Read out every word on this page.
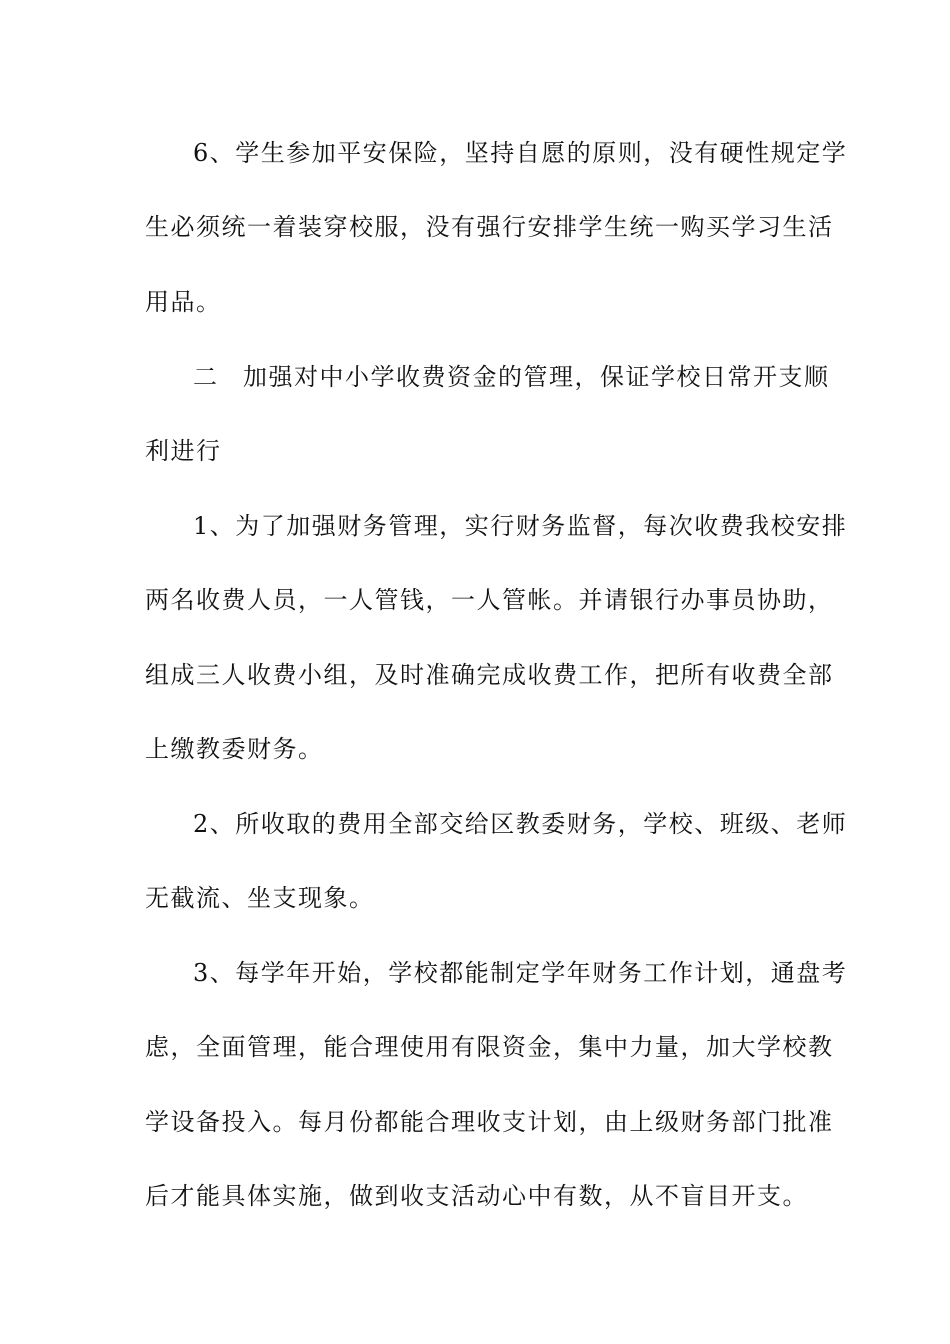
6、学生参加平安保险，坚持自愿的原则，没有硬性规定学
生必须统一着装穿校服，没有强行安排学生统一购买学习生活
用品。
二 加强对中小学收费资金的管理，保证学校日常开支顺
利进行
1、为了加强财务管理，实行财务监督，每次收费我校安排
两名收费人员，一人管钱，一人管帐。并请银行办事员协助，
组成三人收费小组，及时准确完成收费工作，把所有收费全部
上缴教委财务。
2、所收取的费用全部交给区教委财务，学校、班级、老师
无截流、坐支现象。
3、每学年开始，学校都能制定学年财务工作计划，通盘考
虑，全面管理，能合理使用有限资金，集中力量，加大学校教
学设备投入。每月份都能合理收支计划，由上级财务部门批准
后才能具体实施，做到收支活动心中有数，从不盲目开支。
